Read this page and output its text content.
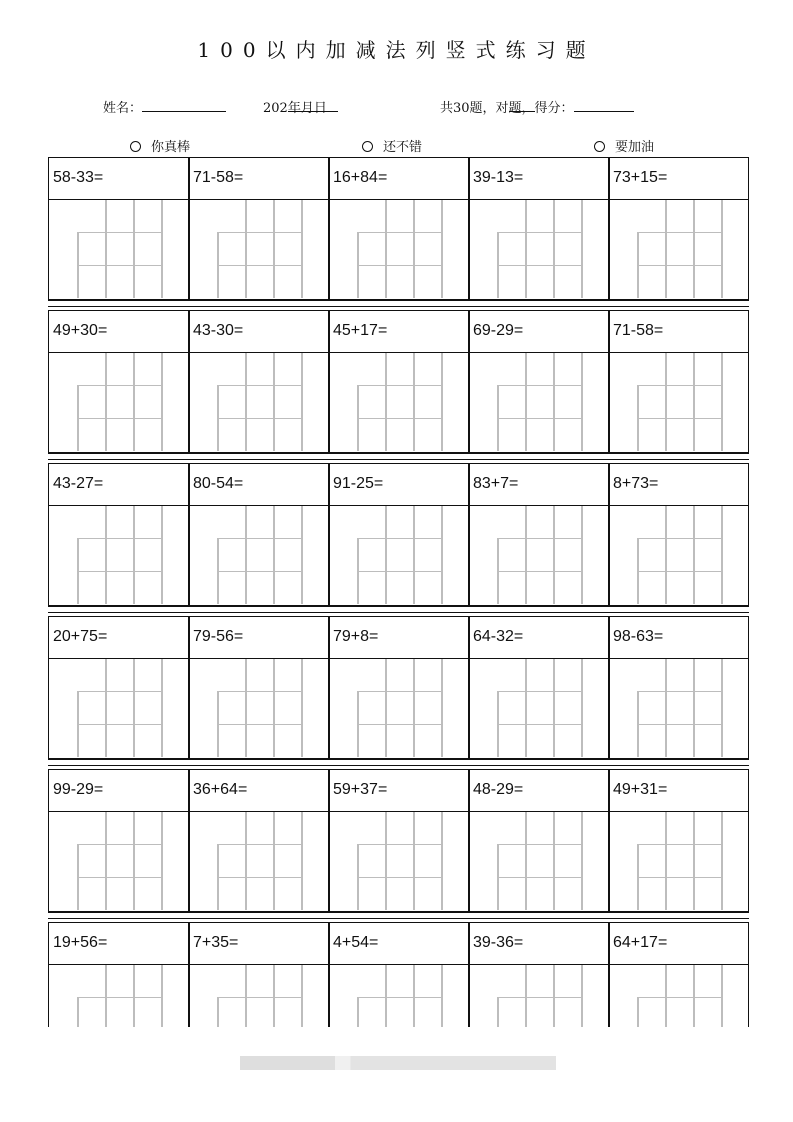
100以内加减法列竖式练习题
姓名：	202
年
月
日	共30题，对
题，得分：
你真棒	还不错	要加油
58-33=	71-58=	16+84=	39-13=	73+15=
49+30=	43-30=	45+17=	69-29=	71-58=
43-27=	80-54=	91-25=	83+7=	8+73=
20+75=	79-56=	79+8=	64-32=	98-63=
99-29=	36+64=	59+37=	48-29=	49+31=
19+56=	7+35=	4+54=	39-36=	64+17=
